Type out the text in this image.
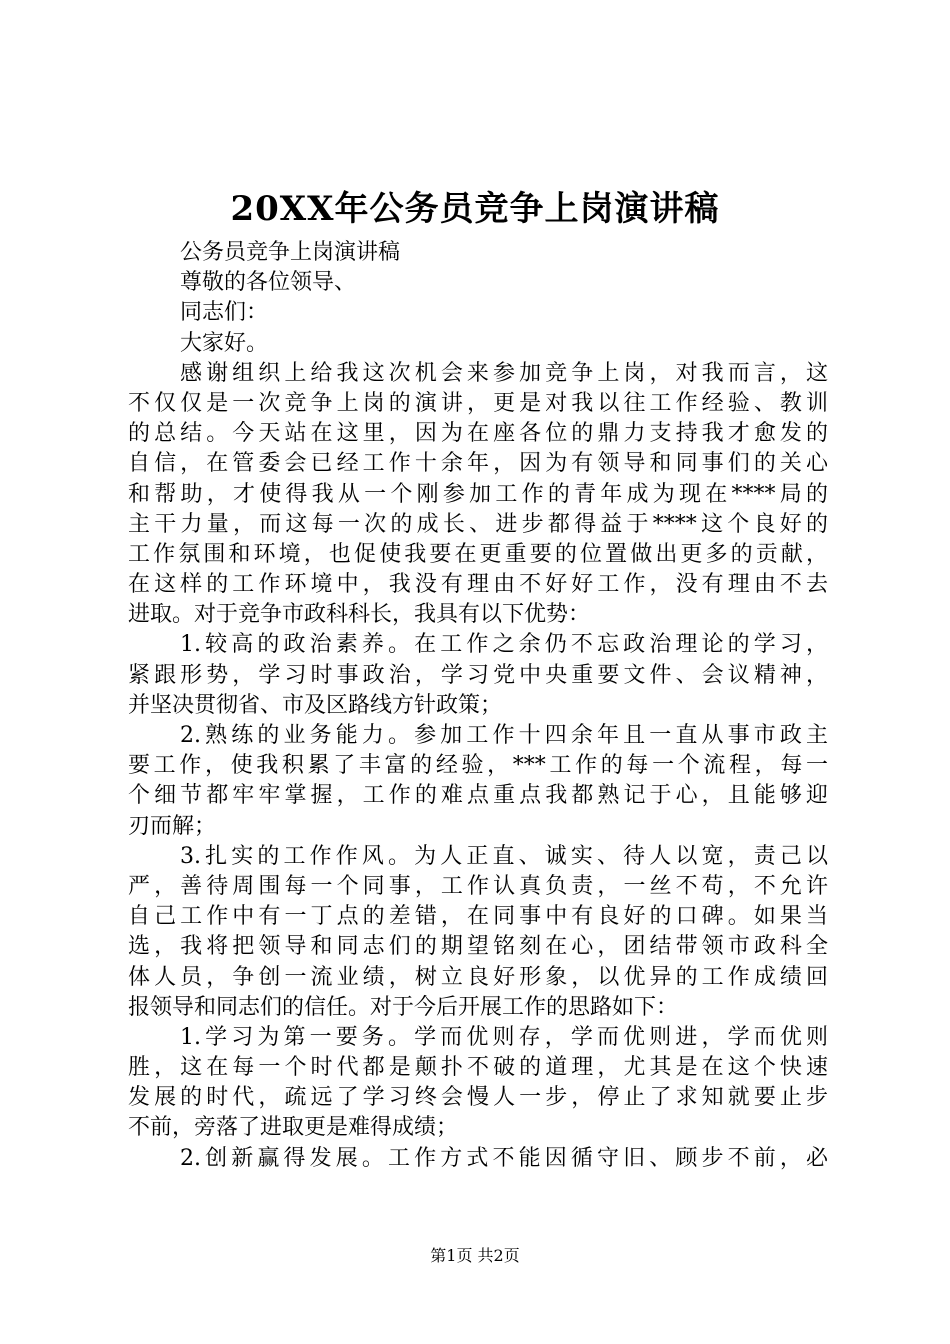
20XX年公务员竞争上岗演讲稿
公务员竞争上岗演讲稿
尊敬的各位领导、
同志们：
大家好。
感谢组织上给我这次机会来参加竞争上岗，对我而言，这
不仅仅是一次竞争上岗的演讲，更是对我以往工作经验、教训
的总结。今天站在这里，因为在座各位的鼎力支持我才愈发的
自信，在管委会已经工作十余年，因为有领导和同事们的关心
和帮助，才使得我从一个刚参加工作的青年成为现在****局的
主干力量，而这每一次的成长、进步都得益于****这个良好的
工作氛围和环境，也促使我要在更重要的位置做出更多的贡献，
在这样的工作环境中，我没有理由不好好工作，没有理由不去
进取。对于竞争市政科科长，我具有以下优势：
1.较高的政治素养。在工作之余仍不忘政治理论的学习，
紧跟形势，学习时事政治，学习党中央重要文件、会议精神，
并坚决贯彻省、市及区路线方针政策；
2.熟练的业务能力。参加工作十四余年且一直从事市政主
要工作，使我积累了丰富的经验，***工作的每一个流程，每一
个细节都牢牢掌握，工作的难点重点我都熟记于心，且能够迎
刃而解；
3.扎实的工作作风。为人正直、诚实、待人以宽，责己以
严，善待周围每一个同事，工作认真负责，一丝不苟，不允许
自己工作中有一丁点的差错，在同事中有良好的口碑。如果当
选，我将把领导和同志们的期望铭刻在心，团结带领市政科全
体人员，争创一流业绩，树立良好形象，以优异的工作成绩回
报领导和同志们的信任。对于今后开展工作的思路如下：
1.学习为第一要务。学而优则存，学而优则进，学而优则
胜，这在每一个时代都是颠扑不破的道理，尤其是在这个快速
发展的时代，疏远了学习终会慢人一步，停止了求知就要止步
不前，旁落了进取更是难得成绩；
2.创新赢得发展。工作方式不能因循守旧、顾步不前，必
第1页 共2页
